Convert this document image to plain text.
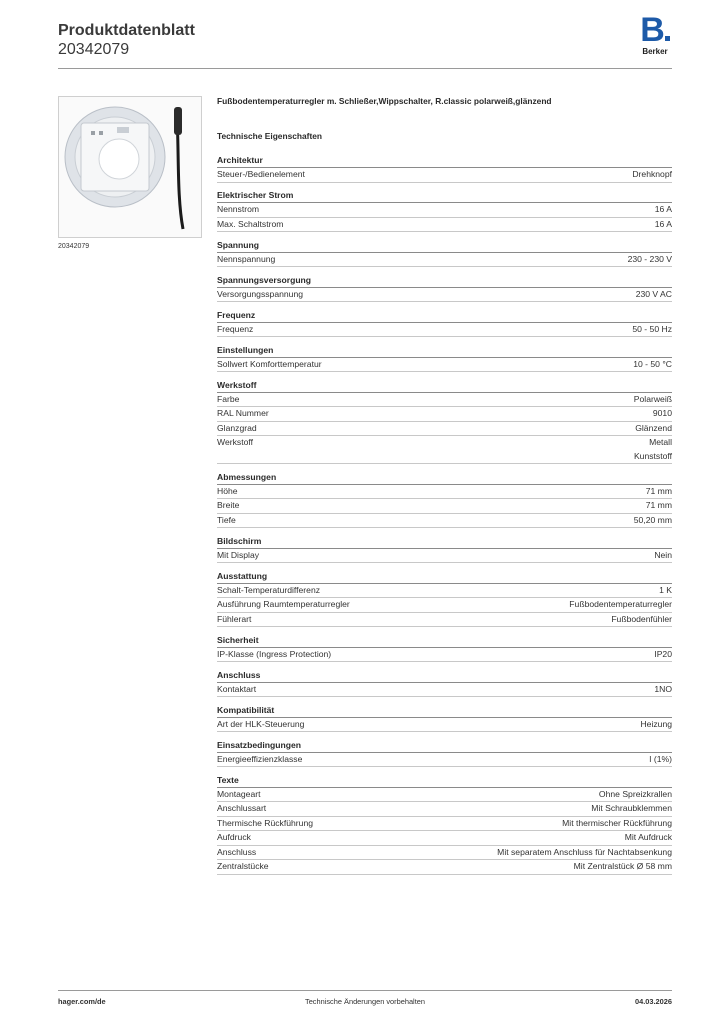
Produktdatenblatt
20342079
B
Berker
20342079
Fußbodentemperaturregler m. Schließer,Wippschalter, R.classic polarweiß,glänzend
Technische Eigenschaften
Architektur
Steuer-/Bedienelement	Drehknopf
Elektrischer Strom
Nennstrom	16 A
Max. Schaltstrom	16 A
Spannung
Nennspannung	230 - 230 V
Spannungsversorgung
Versorgungsspannung	230 V AC
Frequenz
Frequenz	50 - 50 Hz
Einstellungen
Sollwert Komforttemperatur	10 - 50 °C
Werkstoff
Farbe	Polarweiß
RAL Nummer	9010
Glanzgrad	Glänzend
Werkstoff	Metall
Kunststoff
Abmessungen
Höhe	71 mm
Breite	71 mm
Tiefe	50,20 mm
Bildschirm
Mit Display	Nein
Ausstattung
Schalt-Temperaturdifferenz	1 K
Ausführung Raumtemperaturregler	Fußbodentemperaturregler
Fühlerart	Fußbodenfühler
Sicherheit
IP-Klasse (Ingress Protection)	IP20
Anschluss
Kontaktart	1NO
Kompatibilität
Art der HLK-Steuerung	Heizung
Einsatzbedingungen
Energieeffizienzklasse	I (1%)
Texte
Montageart	Ohne Spreizkrallen
Anschlussart	Mit Schraubklemmen
Thermische Rückführung	Mit thermischer Rückführung
Aufdruck	Mit Aufdruck
Anschluss	Mit separatem Anschluss für Nachtabsenkung
Zentralstücke	Mit Zentralstück Ø 58 mm
hager.com/de	Technische Änderungen vorbehalten	04.03.2026
